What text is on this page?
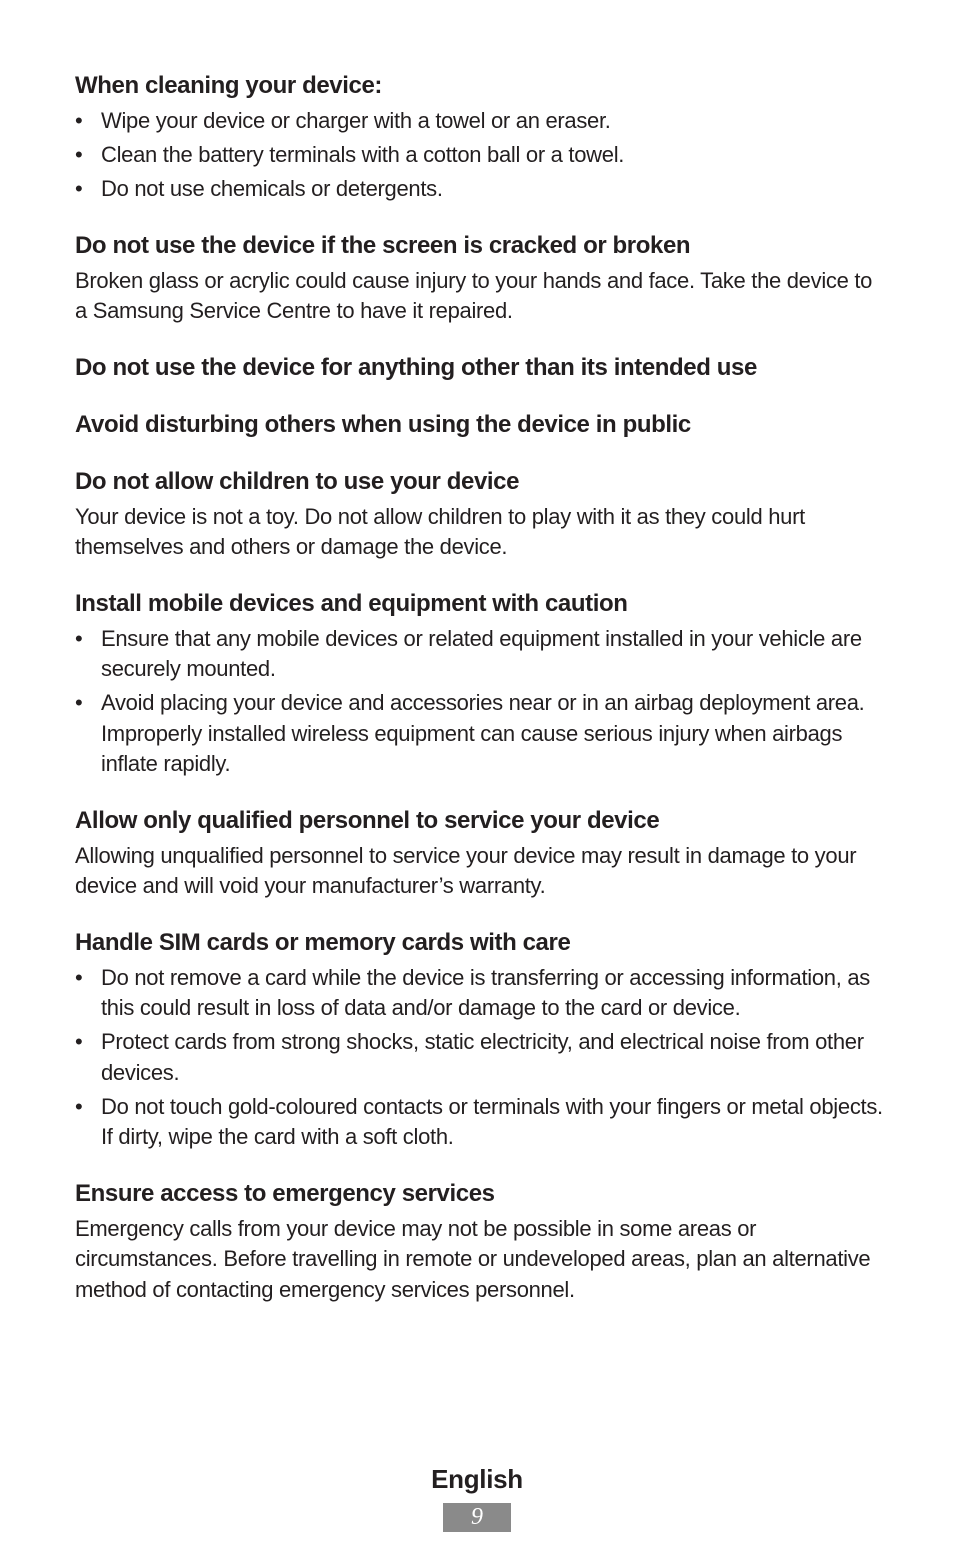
When cleaning your device:
• Wipe your device or charger with a towel or an eraser.
• Clean the battery terminals with a cotton ball or a towel.
• Do not use chemicals or detergents.
Do not use the device if the screen is cracked or broken

Broken glass or acrylic could cause injury to your hands and face. Take the device to a Samsung Service Centre to have it repaired.

Do not use the device for anything other than its intended use
Avoid disturbing others when using the device in public
Do not allow children to use your device

Your device is not a toy. Do not allow children to play with it as they could hurt themselves and others or damage the device.

Install mobile devices and equipment with caution
• Ensure that any mobile devices or related equipment installed in your vehicle are securely mounted.
• Avoid placing your device and accessories near or in an airbag deployment area. Improperly installed wireless equipment can cause serious injury when airbags inflate rapidly.
Allow only qualified personnel to service your device

Allowing unqualified personnel to service your device may result in damage to your device and will void your manufacturer’s warranty.

Handle SIM cards or memory cards with care
• Do not remove a card while the device is transferring or accessing information, as this could result in loss of data and/or damage to the card or device.
• Protect cards from strong shocks, static electricity, and electrical noise from other devices.
• Do not touch gold-coloured contacts or terminals with your fingers or metal objects. If dirty, wipe the card with a soft cloth.
Ensure access to emergency services

Emergency calls from your device may not be possible in some areas or circumstances. Before travelling in remote or undeveloped areas, plan an alternative method of contacting emergency services personnel.

English
9
